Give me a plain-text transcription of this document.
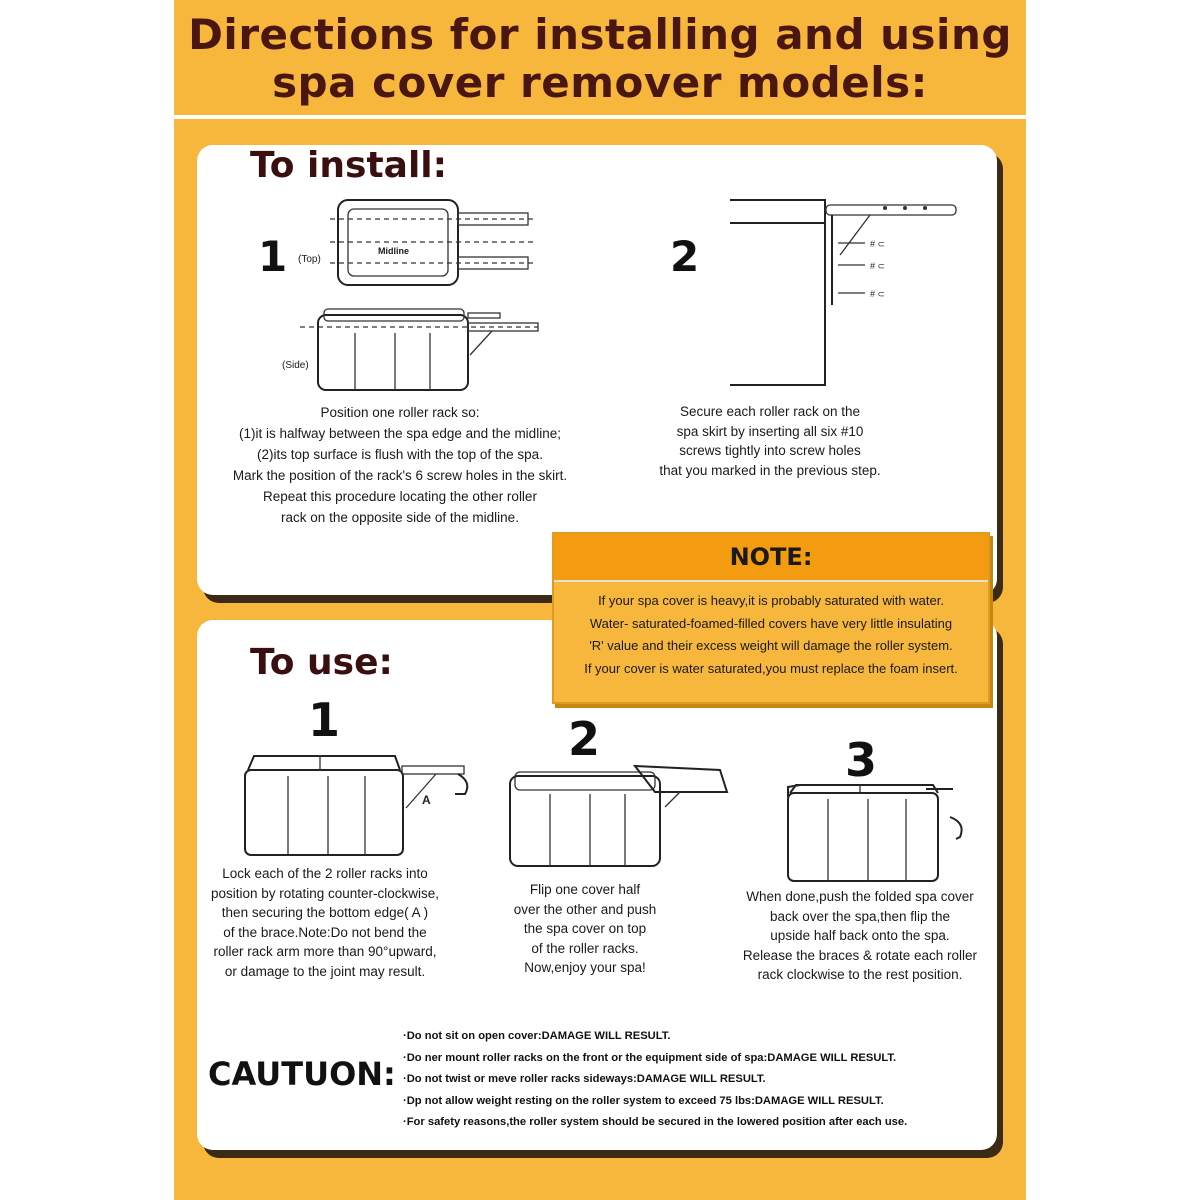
Directions for installing and using
spa cover remover models:
To install:
1 (Top)
Midline
(Side)
Position one roller rack so:
(1)it is halfway between the spa edge and the midline;
(2)its top surface is flush with the top of the spa.
Mark the position of the rack's 6 screw holes in the skirt.
Repeat this procedure locating the other roller
rack on the opposite side of the midline.
2	# ⊂
# ⊂
# ⊂
Secure each roller rack on the
spa skirt by inserting all six #10
screws tightly into screw holes
that you marked in the previous step.
To use:
NOTE:
If your spa cover is heavy,it is probably saturated with water.
Water- saturated-foamed-filled covers have very little insulating
'R' value and their excess weight will damage the roller system.
If your cover is water saturated,you must replace the foam insert.
1
A
Lock each of the 2 roller racks into
position by rotating counter-clockwise,
then securing the bottom edge( A )
of the brace.Note:Do not bend the
roller rack arm more than 90°upward,
or damage to the joint may result.
2
Flip one cover half
over the other and push
the spa cover on top
of the roller racks.
Now,enjoy your spa!
3
When done,push the folded spa cover
back over the spa,then flip the
upside half back onto the spa.
Release the braces & rotate each roller
rack clockwise to the rest position.
CAUTUON:
·Do not sit on open cover:DAMAGE WILL RESULT.
·Do ner mount roller racks on the front or the equipment side of spa:DAMAGE WILL RESULT.
·Do not twist or meve roller racks sideways:DAMAGE WILL RESULT.
·Dp not allow weight resting on the roller system to exceed 75 lbs:DAMAGE WILL RESULT.
·For safety reasons,the roller system should be secured in the lowered position after each use.
